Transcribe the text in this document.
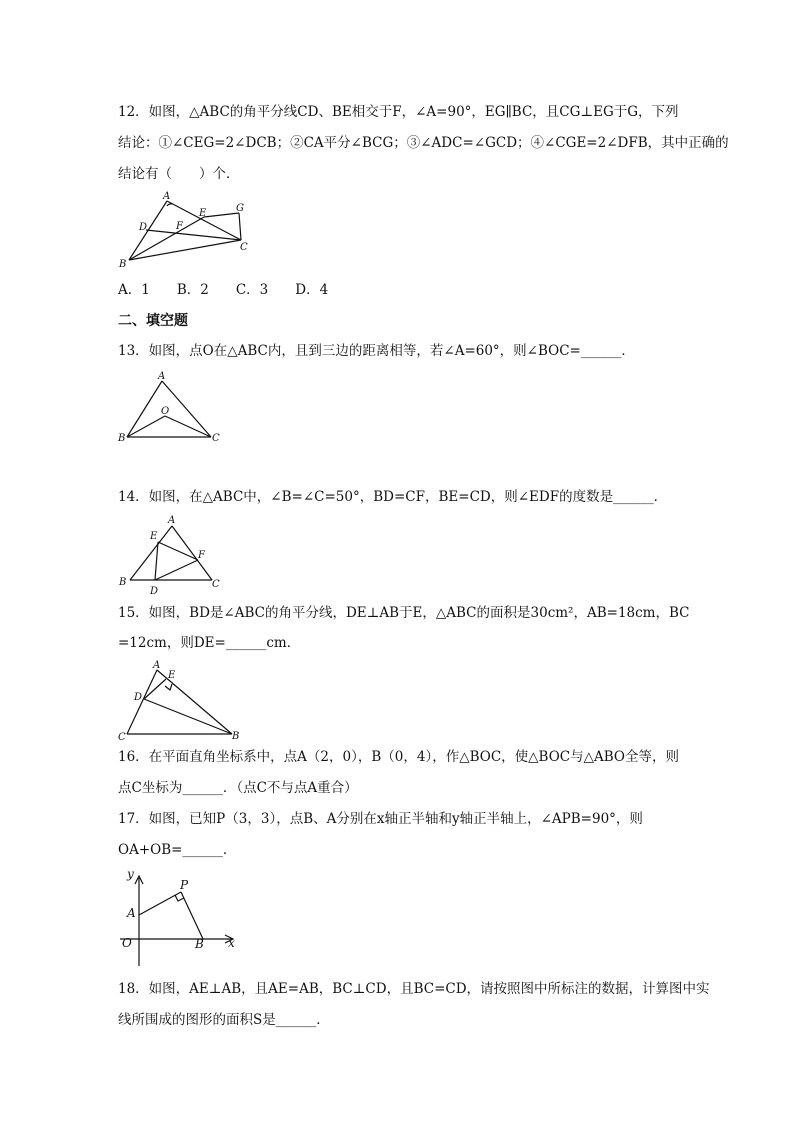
12．如图，△ABC的角平分线CD、BE相交于F，∠A=90°，EG∥BC，且CG⊥EG于G，下列
结论：①∠CEG=2∠DCB；②CA平分∠BCG；③∠ADC=∠GCD；④∠CGE=2∠DFB，其中正确的
结论有（　　）个．
A
B
C
D
E
F
G
A
B	C
O
A
B	C
D
E
F
A
B
C
D
E
y
x
O
A
B
P
A．1　　B．2　　C．3　　D．4
二、填空题
13．如图，点O在△ABC内，且到三边的距离相等，若∠A=60°，则∠BOC=______．
14．如图，在△ABC中，∠B=∠C=50°，BD=CF，BE=CD，则∠EDF的度数是______．
15．如图，BD是∠ABC的角平分线，DE⊥AB于E，△ABC的面积是30cm²，AB=18cm，BC
=12cm，则DE=______cm．
16．在平面直角坐标系中，点A（2，0），B（0，4），作△BOC，使△BOC与△ABO全等，则
点C坐标为______．（点C不与点A重合）
17．如图，已知P（3，3），点B、A分别在x轴正半轴和y轴正半轴上，∠APB=90°，则
OA+OB=______．
18．如图，AE⊥AB，且AE=AB，BC⊥CD，且BC=CD，请按照图中所标注的数据，计算图中实
线所围成的图形的面积S是______．
